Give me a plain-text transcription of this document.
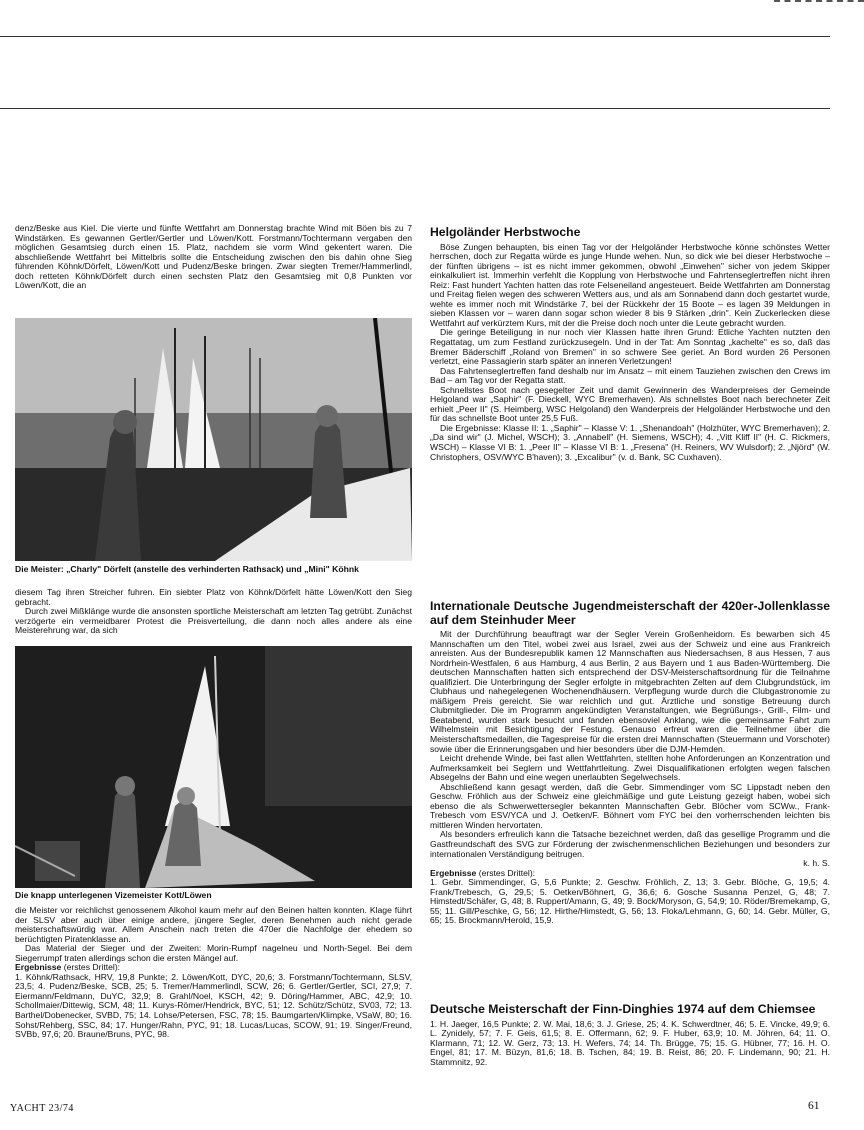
denz/Beske aus Kiel. Die vierte und fünfte Wettfahrt am Donnerstag brachte Wind mit Böen bis zu 7 Windstärken. Es gewannen Gertler/Gertler und Löwen/Kott. Forstmann/Tochtermann vergaben den möglichen Gesamtsieg durch einen 15. Platz, nachdem sie vorm Wind gekentert waren. Die abschließende Wettfahrt bei Mittelbris sollte die Entscheidung zwischen den bis dahin ohne Sieg führenden Köhnk/Dörfelt, Löwen/Kott und Pudenz/Beske bringen. Zwar siegten Tremer/Hammerlindl, doch retteten Köhnk/Dörfelt durch einen sechsten Platz den Gesamtsieg mit 0,8 Punkten vor Löwen/Kott, die an

Die Meister: „Charly" Dörfelt (anstelle des verhinderten Rathsack) und „Mini" Köhnk

diesem Tag ihren Streicher fuhren. Ein siebter Platz von Köhnk/Dörfelt hätte Löwen/Kott den Sieg gebracht.

Durch zwei Mißklänge wurde die ansonsten sportliche Meisterschaft am letzten Tag getrübt. Zunächst verzögerte ein vermeidbarer Protest die Preisverteilung, die dann noch alles andere als eine Meisterehrung war, da sich

Die knapp unterlegenen Vizemeister Kott/Löwen

die Meister vor reichlichst genossenem Alkohol kaum mehr auf den Beinen halten konnten. Klage führt der SLSV aber auch über einige andere, jüngere Segler, deren Benehmen auch nicht gerade meisterschaftswürdig war. Allem Anschein nach treten die 470er die Nachfolge der ehedem so berüchtigten Piratenklasse an.

Das Material der Sieger und der Zweiten: Morin-Rumpf nagelneu und North-Segel. Bei dem Siegerrumpf traten allerdings schon die ersten Mängel auf.

Ergebnisse (erstes Drittel):

1. Köhnk/Rathsack, HRV, 19,8 Punkte; 2. Löwen/Kott, DYC, 20,6; 3. Forstmann/Tochtermann, SLSV, 23,5; 4. Pudenz/Beske, SCB, 25; 5. Tremer/Hammerlindl, SCW, 26; 6. Gertler/Gertler, SCI, 27,9; 7. Eiermann/Feldmann, DuYC, 32,9; 8. Grahl/Noel, KSCH, 42; 9. Döring/Hammer, ABC, 42,9; 10. Schollmaier/Dittewig, SCM, 48; 11. Kurys-Römer/Hendrick, BYC, 51; 12. Schütz/Schütz, SV03, 72; 13. Barthel/Dobenecker, SVBD, 75; 14. Lohse/Petersen, FSC, 78; 15. Baumgarten/Klimpke, VSaW, 80; 16. Sohst/Rehberg, SSC, 84; 17. Hunger/Rahn, PYC, 91; 18. Lucas/Lucas, SCOW, 91; 19. Singer/Freund, SVBb, 97,6; 20. Braune/Bruns, PYC, 98.

Helgoländer Herbstwoche

Böse Zungen behaupten, bis einen Tag vor der Helgoländer Herbstwoche könne schönstes Wetter herrschen, doch zur Regatta würde es junge Hunde wehen. Nun, so dick wie bei dieser Herbstwoche – der fünften übrigens – ist es nicht immer gekommen, obwohl „Einwehen" sicher von jedem Skipper einkalkuliert ist. Immerhin verfehlt die Kopplung von Herbstwoche und Fahrtenseglertreffen nicht ihren Reiz: Fast hundert Yachten hatten das rote Felseneiland angesteuert. Beide Wettfahrten am Donnerstag und Freitag fielen wegen des schweren Wetters aus, und als am Sonnabend dann doch gestartet wurde, wehte es immer noch mit Windstärke 7, bei der Rückkehr der 15 Boote – es lagen 39 Meldungen in sieben Klassen vor – waren dann sogar schon wieder 8 bis 9 Stärken „drin". Kein Zuckerlecken diese Wettfahrt auf verkürztem Kurs, mit der die Preise doch noch unter die Leute gebracht wurden.

Die geringe Beteiligung in nur noch vier Klassen hatte ihren Grund: Etliche Yachten nutzten den Regattatag, um zum Festland zurückzusegeln. Und in der Tat: Am Sonntag „kachelte" es so, daß das Bremer Bäderschiff „Roland von Bremen" in so schwere See geriet. An Bord wurden 26 Personen verletzt, eine Passagierin starb später an inneren Verletzungen!

Das Fahrtenseglertreffen fand deshalb nur im Ansatz – mit einem Tauziehen zwischen den Crews im Bad – am Tag vor der Regatta statt.

Schnellstes Boot nach gesegelter Zeit und damit Gewinnerin des Wanderpreises der Gemeinde Helgoland war „Saphir" (F. Dieckell, WYC Bremerhaven). Als schnellstes Boot nach berechneter Zeit erhielt „Peer II" (S. Heimberg, WSC Helgoland) den Wanderpreis der Helgoländer Herbstwoche und den für das schnellste Boot unter 25,5 Fuß.

Die Ergebnisse: Klasse II: 1. „Saphir" – Klasse V: 1. „Shenandoah" (Holzhüter, WYC Bremerhaven); 2. „Da sind wir" (J. Michel, WSCH); 3. „Annabell" (H. Siemens, WSCH); 4. „Vitt Kliff II" (H. C. Rickmers, WSCH) – Klasse VI B: 1. „Peer II" – Klasse VI B: 1. „Fresena" (H. Reiners, WV Wulsdorf); 2. „Njörd" (W. Christophers, OSV/WYC B'haven); 3. „Excalibur" (v. d. Bank, SC Cuxhaven).

Internationale Deutsche Jugendmeisterschaft der 420er-Jollenklasse auf dem Steinhuder Meer

Mit der Durchführung beauftragt war der Segler Verein Großenheidorn. Es bewarben sich 45 Mannschaften um den Titel, wobei zwei aus Israel, zwei aus der Schweiz und eine aus Frankreich anreisten. Aus der Bundesrepublik kamen 12 Mannschaften aus Niedersachsen, 8 aus Hessen, 7 aus Nordrhein-Westfalen, 6 aus Hamburg, 4 aus Berlin, 2 aus Bayern und 1 aus Baden-Württemberg. Die deutschen Mannschaften hatten sich entsprechend der DSV-Meisterschaftsordnung für die Teilnahme qualifiziert. Die Unterbringung der Segler erfolgte in mitgebrachten Zelten auf dem Clubgrundstück, im Clubhaus und nahegelegenen Wochenendhäusern. Verpflegung wurde durch die Clubgastronomie zu mäßigem Preis gereicht. Sie war reichlich und gut. Ärztliche und sonstige Betreuung durch Clubmitglieder. Die im Programm angekündigten Veranstaltungen, wie Begrüßungs-, Grill-, Film- und Beatabend, wurden stark besucht und fanden ebensoviel Anklang, wie die gemeinsame Fahrt zum Wilhelmstein mit Besichtigung der Festung. Genauso erfreut waren die Teilnehmer über die Meisterschaftsmedaillen, die Tagespreise für die ersten drei Mannschaften (Steuermann und Vorschoter) sowie über die Erinnerungsgaben und hier besonders über die DJM-Hemden.

Leicht drehende Winde, bei fast allen Wettfahrten, stellten hohe Anforderungen an Konzentration und Aufmerksamkeit bei Seglern und Wettfahrtleitung. Zwei Disqualifikationen erfolgten wegen falschen Absegelns der Bahn und eine wegen unerlaubten Segelwechsels.

Abschließend kann gesagt werden, daß die Gebr. Simmendinger vom SC Lippstadt neben den Geschw. Fröhlich aus der Schweiz eine gleichmäßige und gute Leistung gezeigt haben, wobei sich ebenso die als Schwerwettersegler bekannten Mannschaften Gebr. Blöcher vom SCWw., Frank-Trebesch vom ESV/YCA und J. Oetken/F. Böhnert vom FYC bei den vorherrschenden leichten bis mittleren Winden hervortaten.

Als besonders erfreulich kann die Tatsache bezeichnet werden, daß das gesellige Programm und die Gastfreundschaft des SVG zur Förderung der zwischenmenschlichen Beziehungen und besonders zur internationalen Verständigung beitrugen.

k. h. S.

Ergebnisse (erstes Drittel):

1. Gebr. Simmendinger, G, 5,6 Punkte; 2. Geschw. Fröhlich, Z, 13; 3. Gebr. Blöche, G, 19,5; 4. Frank/Trebesch, G, 29,5; 5. Oetken/Böhnert, G, 36,6; 6. Gosche Susanna Penzel, G, 48; 7. Himstedt/Schäfer, G, 48; 8. Ruppert/Amann, G, 49; 9. Bock/Moryson, G, 54,9; 10. Röder/Bremekamp, G, 55; 11. Gill/Peschke, G, 56; 12. Hirthe/Himstedt, G, 56; 13. Floka/Lehmann, G, 60; 14. Gebr. Müller, G, 65; 15. Brockmann/Herold, 15,9.

Deutsche Meisterschaft der Finn-Dinghies 1974 auf dem Chiemsee

1. H. Jaeger, 16,5 Punkte; 2. W. Mai, 18,6; 3. J. Griese, 25; 4. K. Schwerdtner, 46; 5. E. Vincke, 49,9; 6. L. Zynidely, 57; 7. F. Geis, 61,5; 8. E. Offermann, 62; 9. F. Huber, 63,9; 10. M. Jöhren, 64; 11. O. Klarmann, 71; 12. W. Gerz, 73; 13. H. Wefers, 74; 14. Th. Brügge, 75; 15. G. Hübner, 77; 16. H. O. Engel, 81; 17. M. Büzyn, 81,6; 18. B. Tschen, 84; 19. B. Reist, 86; 20. F. Lindemann, 90; 21. H. Stammnitz, 92.

YACHT 23/74	61
